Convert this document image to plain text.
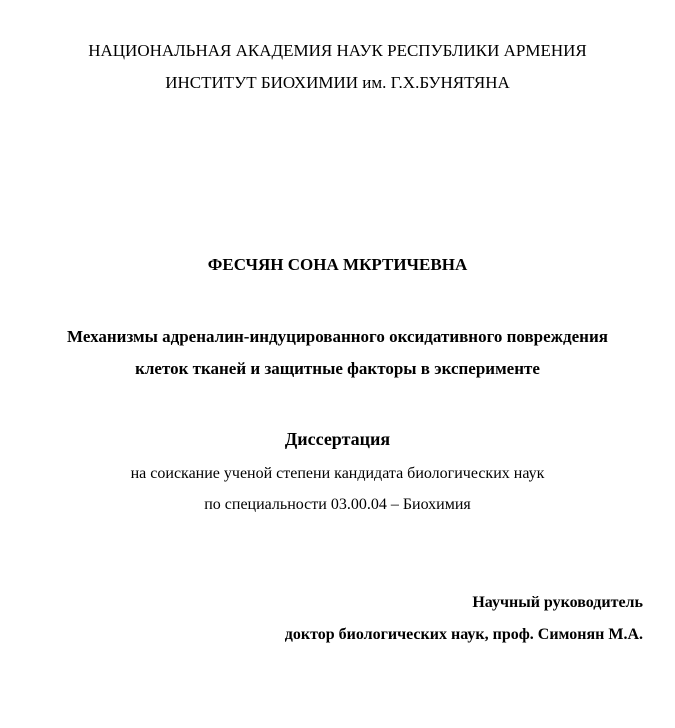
НАЦИОНАЛЬНАЯ АКАДЕМИЯ НАУК РЕСПУБЛИКИ АРМЕНИЯ
ИНСТИТУТ БИОХИМИИ им. Г.Х.БУНЯТЯНА
ФЕСЧЯН СОНА МКРТИЧЕВНА
Механизмы адреналин-индуцированного оксидативного повреждения
клеток тканей и защитные факторы в эксперименте
Диссертация
на соискание ученой степени кандидата биологических наук
по специальности 03.00.04 – Биохимия
Научный руководитель
доктор биологических наук, проф. Симонян М.А.
